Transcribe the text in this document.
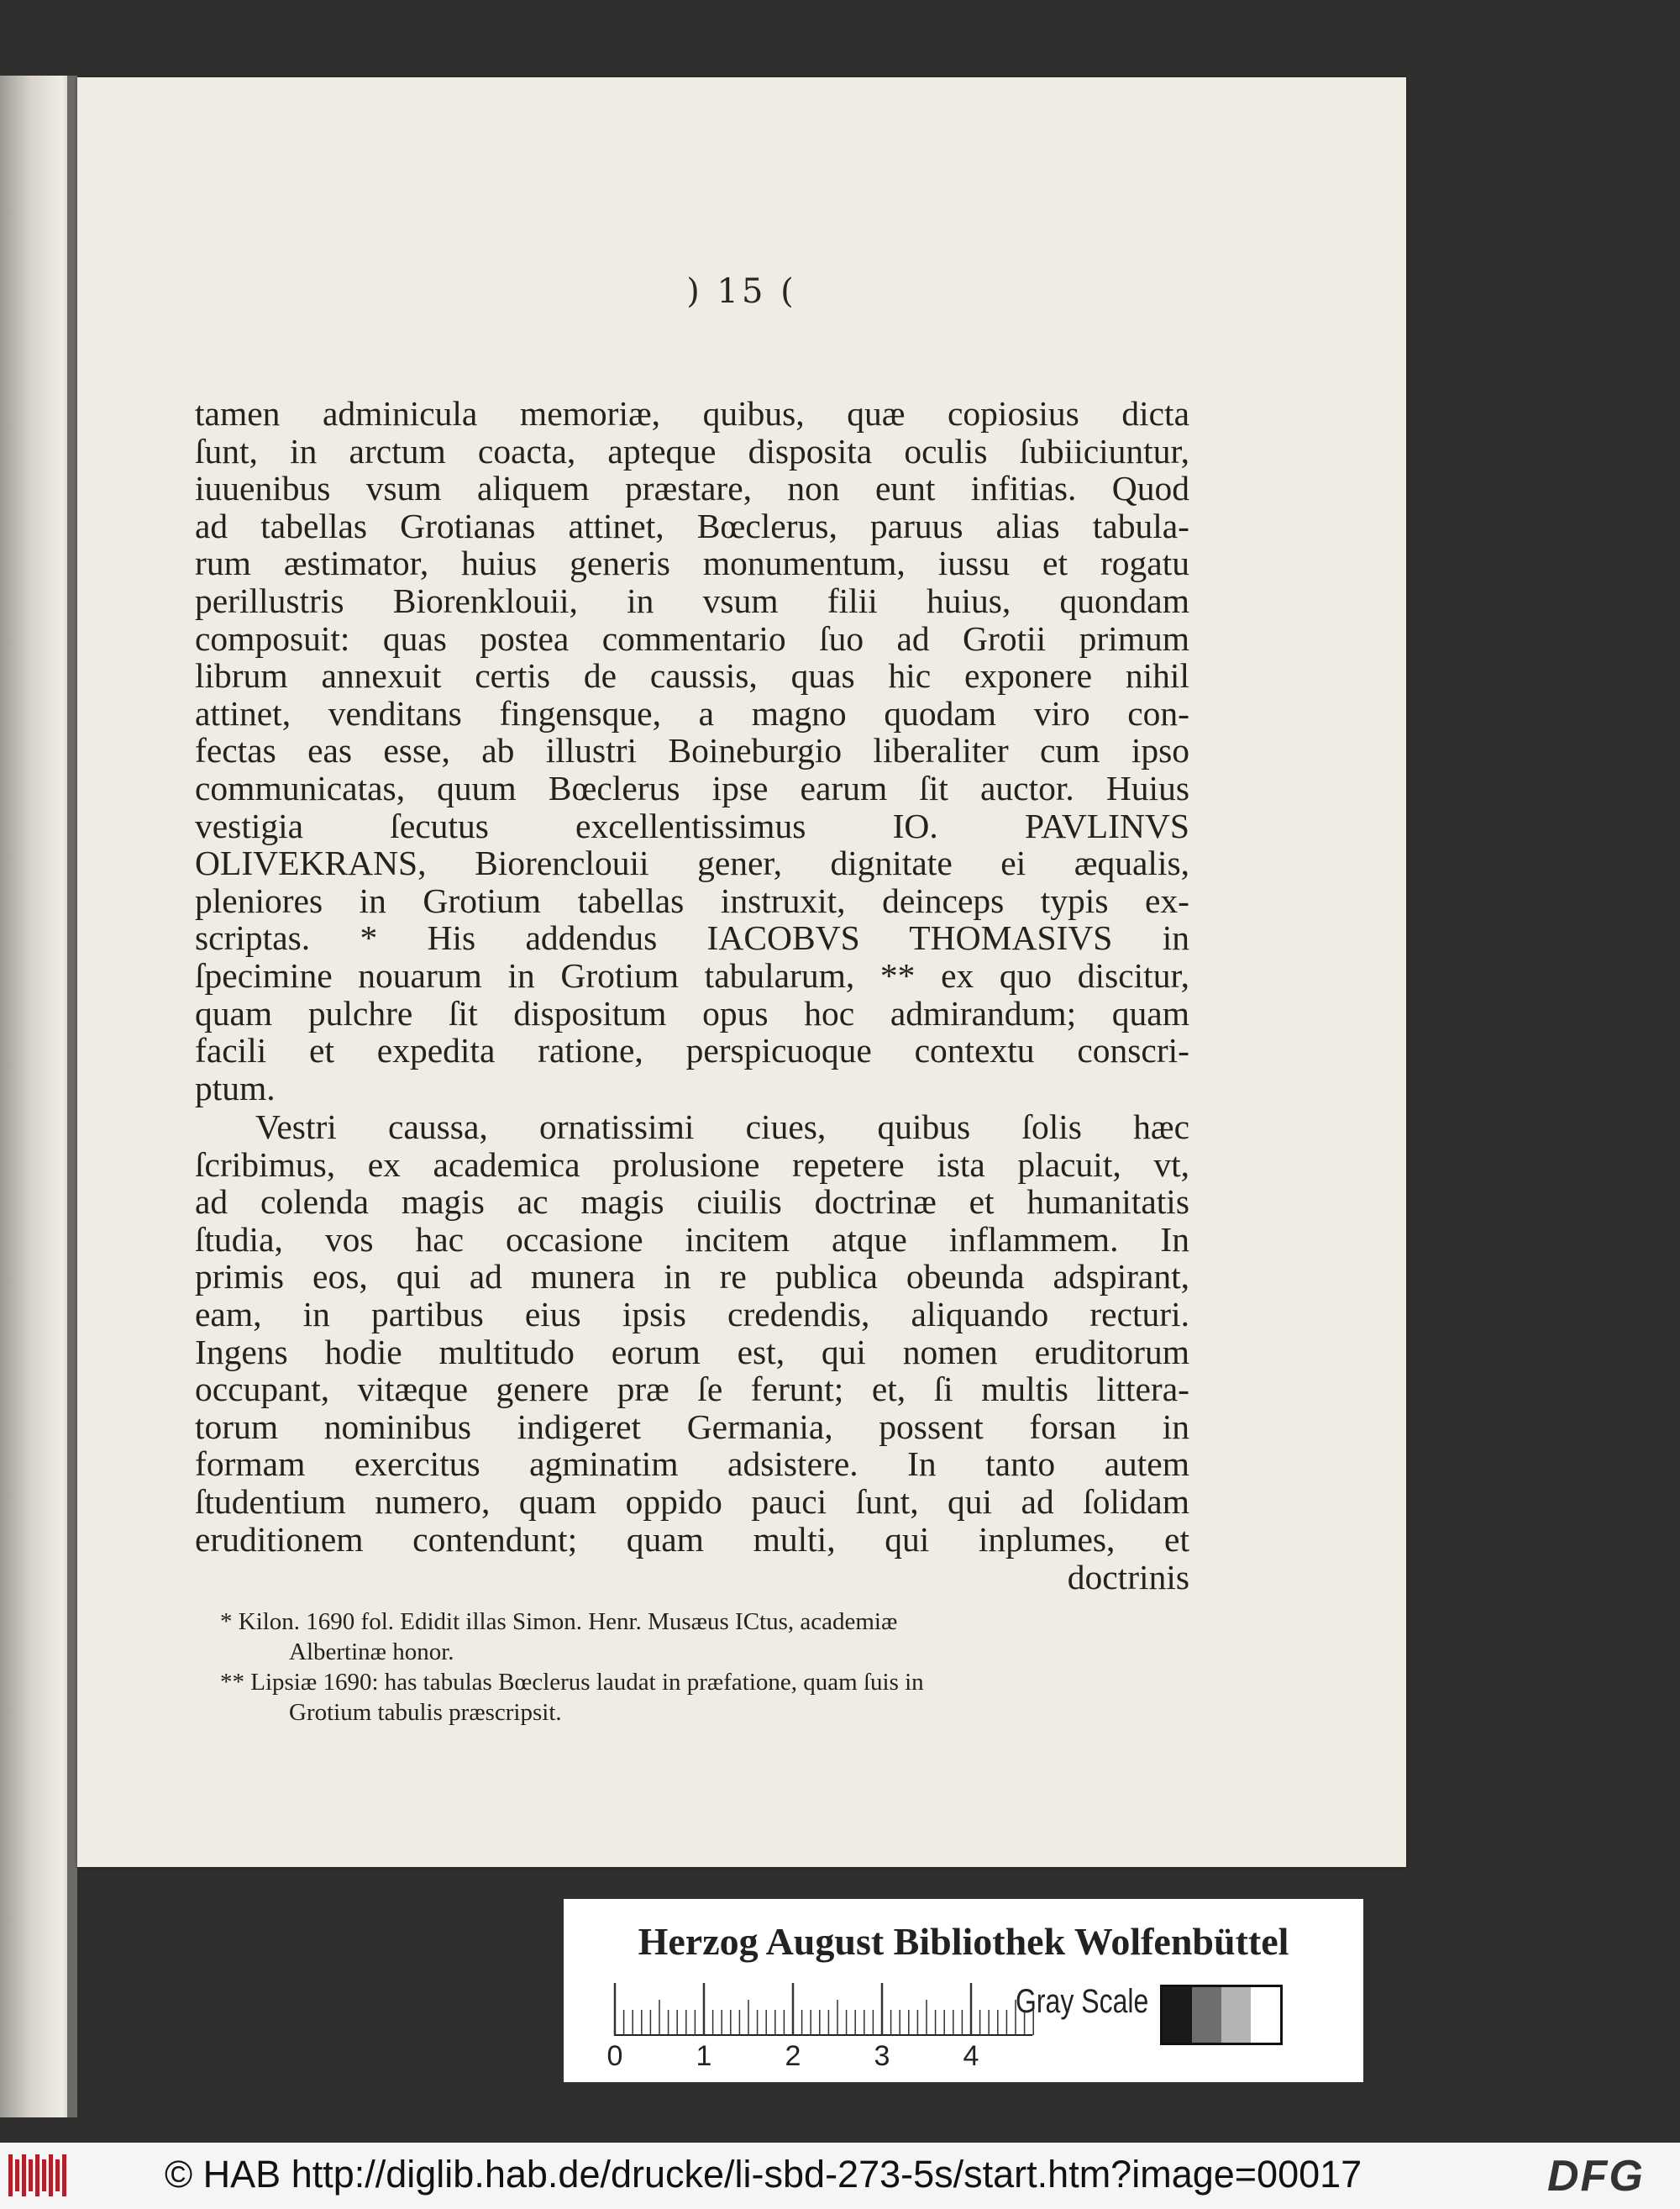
) 15 (
tamen adminicula memoriæ, quibus, quæ copiosius dicta
ſunt, in arctum coacta, apteque disposita oculis ſubiiciuntur,
iuuenibus vsum aliquem præstare, non eunt infitias. Quod
ad tabellas Grotianas attinet, Bœclerus, paruus alias tabula-
rum æstimator, huius generis monumentum, iussu et rogatu
perillustris Biorenklouii, in vsum filii huius, quondam
composuit: quas postea commentario ſuo ad Grotii primum
librum annexuit certis de caussis, quas hic exponere nihil
attinet, venditans fingensque, a magno quodam viro con-
fectas eas esse, ab illustri Boineburgio liberaliter cum ipso
communicatas, quum Bœclerus ipse earum ſit auctor. Huius
vestigia ſecutus excellentissimus IO. PAVLINVS
OLIVEKRANS, Biorenclouii gener, dignitate ei æqualis,
pleniores in Grotium tabellas instruxit, deinceps typis ex-
scriptas. * His addendus IACOBVS THOMASIVS in
ſpecimine nouarum in Grotium tabularum, ** ex quo discitur,
quam pulchre ſit dispositum opus hoc admirandum; quam
facili et expedita ratione, perspicuoque contextu conscri-
ptum.
Vestri caussa, ornatissimi ciues, quibus ſolis hæc
ſcribimus, ex academica prolusione repetere ista placuit, vt,
ad colenda magis ac magis ciuilis doctrinæ et humanitatis
ſtudia, vos hac occasione incitem atque inflammem. In
primis eos, qui ad munera in re publica obeunda adspirant,
eam, in partibus eius ipsis credendis, aliquando recturi.
Ingens hodie multitudo eorum est, qui nomen eruditorum
occupant, vitæque genere præ ſe ferunt; et, ſi multis littera-
torum nominibus indigeret Germania, possent forsan in
formam exercitus agminatim adsistere. In tanto autem
ſtudentium numero, quam oppido pauci ſunt, qui ad ſolidam
eruditionem contendunt; quam multi, qui inplumes, et
doctrinis
* Kilon. 1690 fol. Edidit illas Simon. Henr. Musæus ICtus, academiæ
Albertinæ honor.
** Lipsiæ 1690: has tabulas Bœclerus laudat in præfatione, quam ſuis in
Grotium tabulis præscripsit.
Herzog August Bibliothek Wolfenbüttel
0	1	2	3	4
Gray Scale
© HAB http://diglib.hab.de/drucke/li-sbd-273-5s/start.htm?image=00017	DFG
